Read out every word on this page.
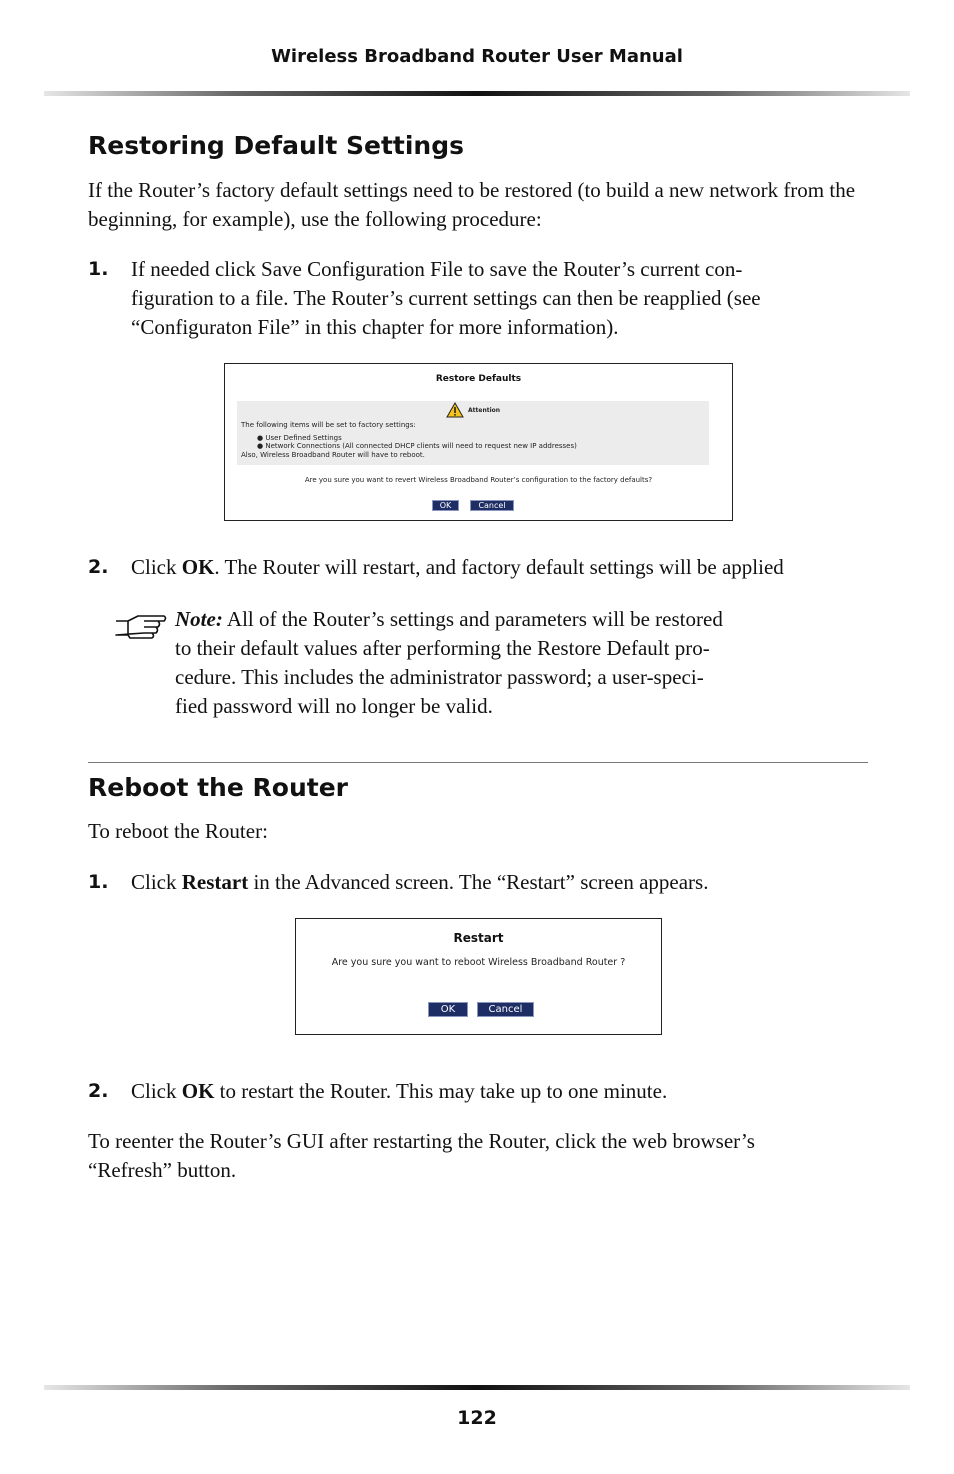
Wireless Broadband Router User Manual
Restoring Default Settings

If the Router’s factory default settings need to be restored (to build a new network from the beginning, for example), use the following procedure:

1. If needed click Save Configuration File to save the Router’s current con-
figuration to a file. The Router’s current settings can then be reapplied (see
“Configuraton File” in this chapter for more information).
Restore Defaults
Attention
The following items will be set to factory settings:
● User Defined Settings
● Network Connections (All connected DHCP clients will need to request new IP addresses)
Also, Wireless Broadband Router will have to reboot.
Are you sure you want to revert Wireless Broadband Router’s configuration to the factory defaults?
OK	Cancel
2. Click OK. The Router will restart, and factory default settings will be applied

Note: All of the Router’s settings and parameters will be restored
to their default values after performing the Restore Default pro-
cedure. This includes the administrator password; a user-speci-
fied password will no longer be valid.
Reboot the Router

To reboot the Router:

1. Click Restart in the Advanced screen. The “Restart” screen appears.

Restart
Are you sure you want to reboot Wireless Broadband Router ?
OK	Cancel
2. Click OK to restart the Router. This may take up to one minute.

To reenter the Router’s GUI after restarting the Router, click the web browser’s
“Refresh” button.
122
